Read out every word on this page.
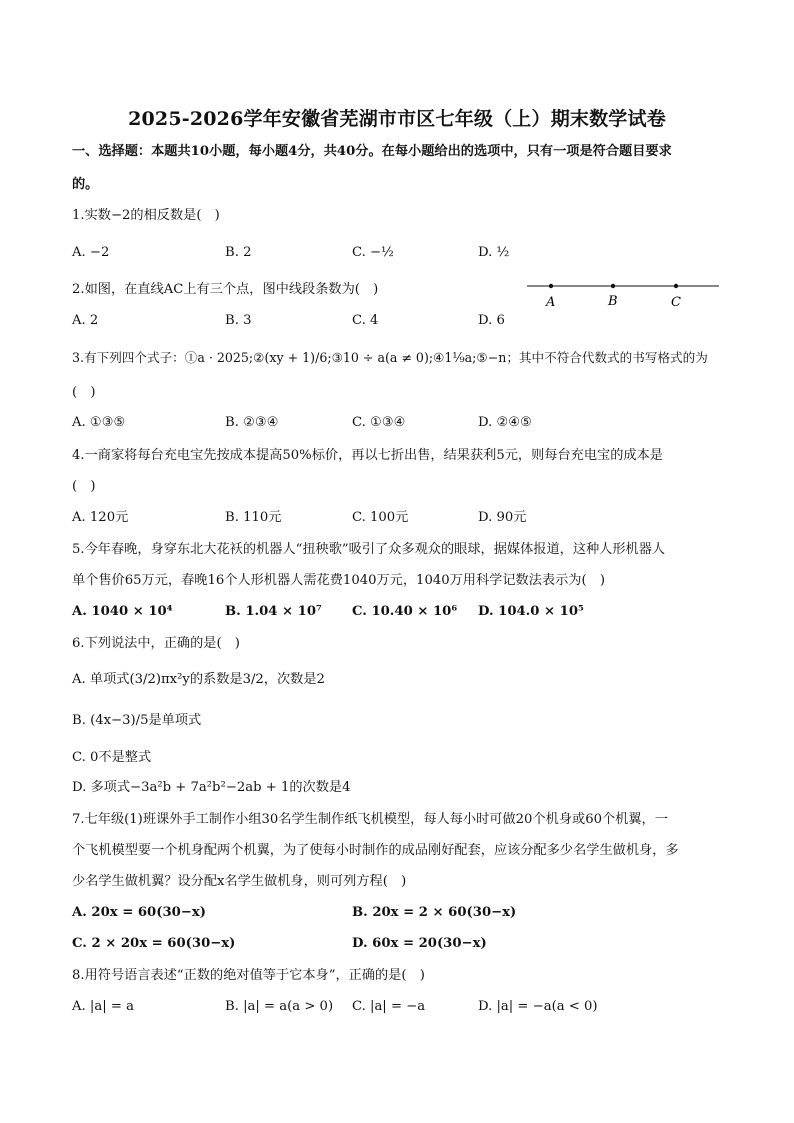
2025-2026学年安徽省芜湖市市区七年级（上）期末数学试卷
一、选择题：本题共10小题，每小题4分，共40分。在每小题给出的选项中，只有一项是符合题目要求
的。
1.实数−2的相反数是(　)
A. −2	B. 2	C. −½	D. ½
2.如图，在直线AC上有三个点，图中线段条数为(　)
A	B	C
A. 2	B. 3	C. 4	D. 6
3.有下列四个式子：①a · 2025;②(xy + 1)/6;③10 ÷ a(a ≠ 0);④1⅑a;⑤−n；其中不符合代数式的书写格式的为
(　)
A. ①③⑤	B. ②③④	C. ①③④	D. ②④⑤
4.一商家将每台充电宝先按成本提高50%标价，再以七折出售，结果获利5元，则每台充电宝的成本是
(　)
A. 120元	B. 110元	C. 100元	D. 90元
5.今年春晚，身穿东北大花袄的机器人“扭秧歌”吸引了众多观众的眼球，据媒体报道，这种人形机器人
单个售价65万元，春晚16个人形机器人需花费1040万元，1040万用科学记数法表示为(　)
A. 1040 × 10⁴	B. 1.04 × 10⁷ C. 10.40 × 10⁶ D. 104.0 × 10⁵
6.下列说法中，正确的是(　)
A. 单项式(3/2)πx²y的系数是3/2，次数是2
B. (4x−3)/5是单项式
C. 0不是整式
D. 多项式−3a²b + 7a²b²−2ab + 1的次数是4
7.七年级(1)班课外手工制作小组30名学生制作纸飞机模型，每人每小时可做20个机身或60个机翼，一
个飞机模型要一个机身配两个机翼，为了使每小时制作的成品刚好配套，应该分配多少名学生做机身，多
少名学生做机翼？设分配x名学生做机身，则可列方程(　)
A. 20x = 60(30−x)	B. 20x = 2 × 60(30−x)
C. 2 × 20x = 60(30−x)	D. 60x = 20(30−x)
8.用符号语言表述“正数的绝对值等于它本身”，正确的是(　)
A. |a| = a	B. |a| = a(a > 0) C. |a| = −a	D. |a| = −a(a < 0)
